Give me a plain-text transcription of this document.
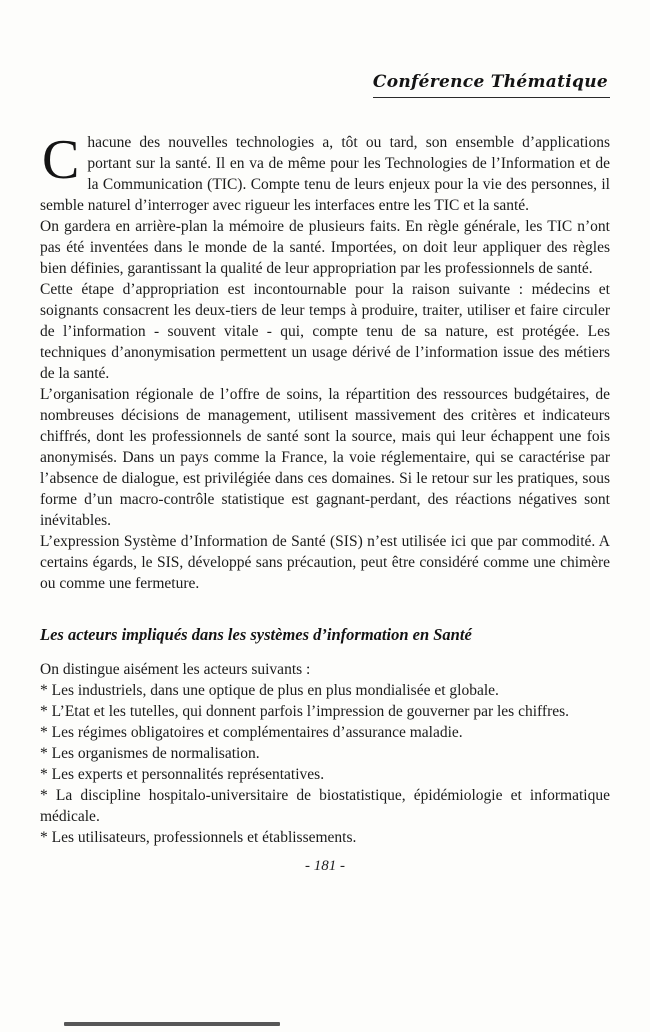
Conférence Thématique

Chacune des nouvelles technologies a, tôt ou tard, son ensemble d’applications portant sur la santé. Il en va de même pour les Technologies de l’Information et de la Communication (TIC). Compte tenu de leurs enjeux pour la vie des personnes, il semble naturel d’interroger avec rigueur les interfaces entre les TIC et la santé.

On gardera en arrière-plan la mémoire de plusieurs faits. En règle générale, les TIC n’ont pas été inventées dans le monde de la santé. Importées, on doit leur appliquer des règles bien définies, garantissant la qualité de leur appropriation par les professionnels de santé.

Cette étape d’appropriation est incontournable pour la raison suivante : médecins et soignants consacrent les deux-tiers de leur temps à produire, traiter, utiliser et faire circuler de l’information - souvent vitale - qui, compte tenu de sa nature, est protégée. Les techniques d’anonymisation permettent un usage dérivé de l’information issue des métiers de la santé.

L’organisation régionale de l’offre de soins, la répartition des ressources budgétaires, de nombreuses décisions de management, utilisent massivement des critères et indicateurs chiffrés, dont les professionnels de santé sont la source, mais qui leur échappent une fois anonymisés. Dans un pays comme la France, la voie réglementaire, qui se caractérise par l’absence de dialogue, est privilégiée dans ces domaines. Si le retour sur les pratiques, sous forme d’un macro-contrôle statistique est gagnant-perdant, des réactions négatives sont inévitables.

L’expression Système d’Information de Santé (SIS) n’est utilisée ici que par commodité. A certains égards, le SIS, développé sans précaution, peut être considéré comme une chimère ou comme une fermeture.

Les acteurs impliqués dans les systèmes d’information en Santé

On distingue aisément les acteurs suivants :

* Les industriels, dans une optique de plus en plus mondialisée et globale.

* L’Etat et les tutelles, qui donnent parfois l’impression de gouverner par les chiffres.

* Les régimes obligatoires et complémentaires d’assurance maladie.

* Les organismes de normalisation.

* Les experts et personnalités représentatives.

* La discipline hospitalo-universitaire de biostatistique, épidémiologie et informatique médicale.

* Les utilisateurs, professionnels et établissements.

- 181 -
